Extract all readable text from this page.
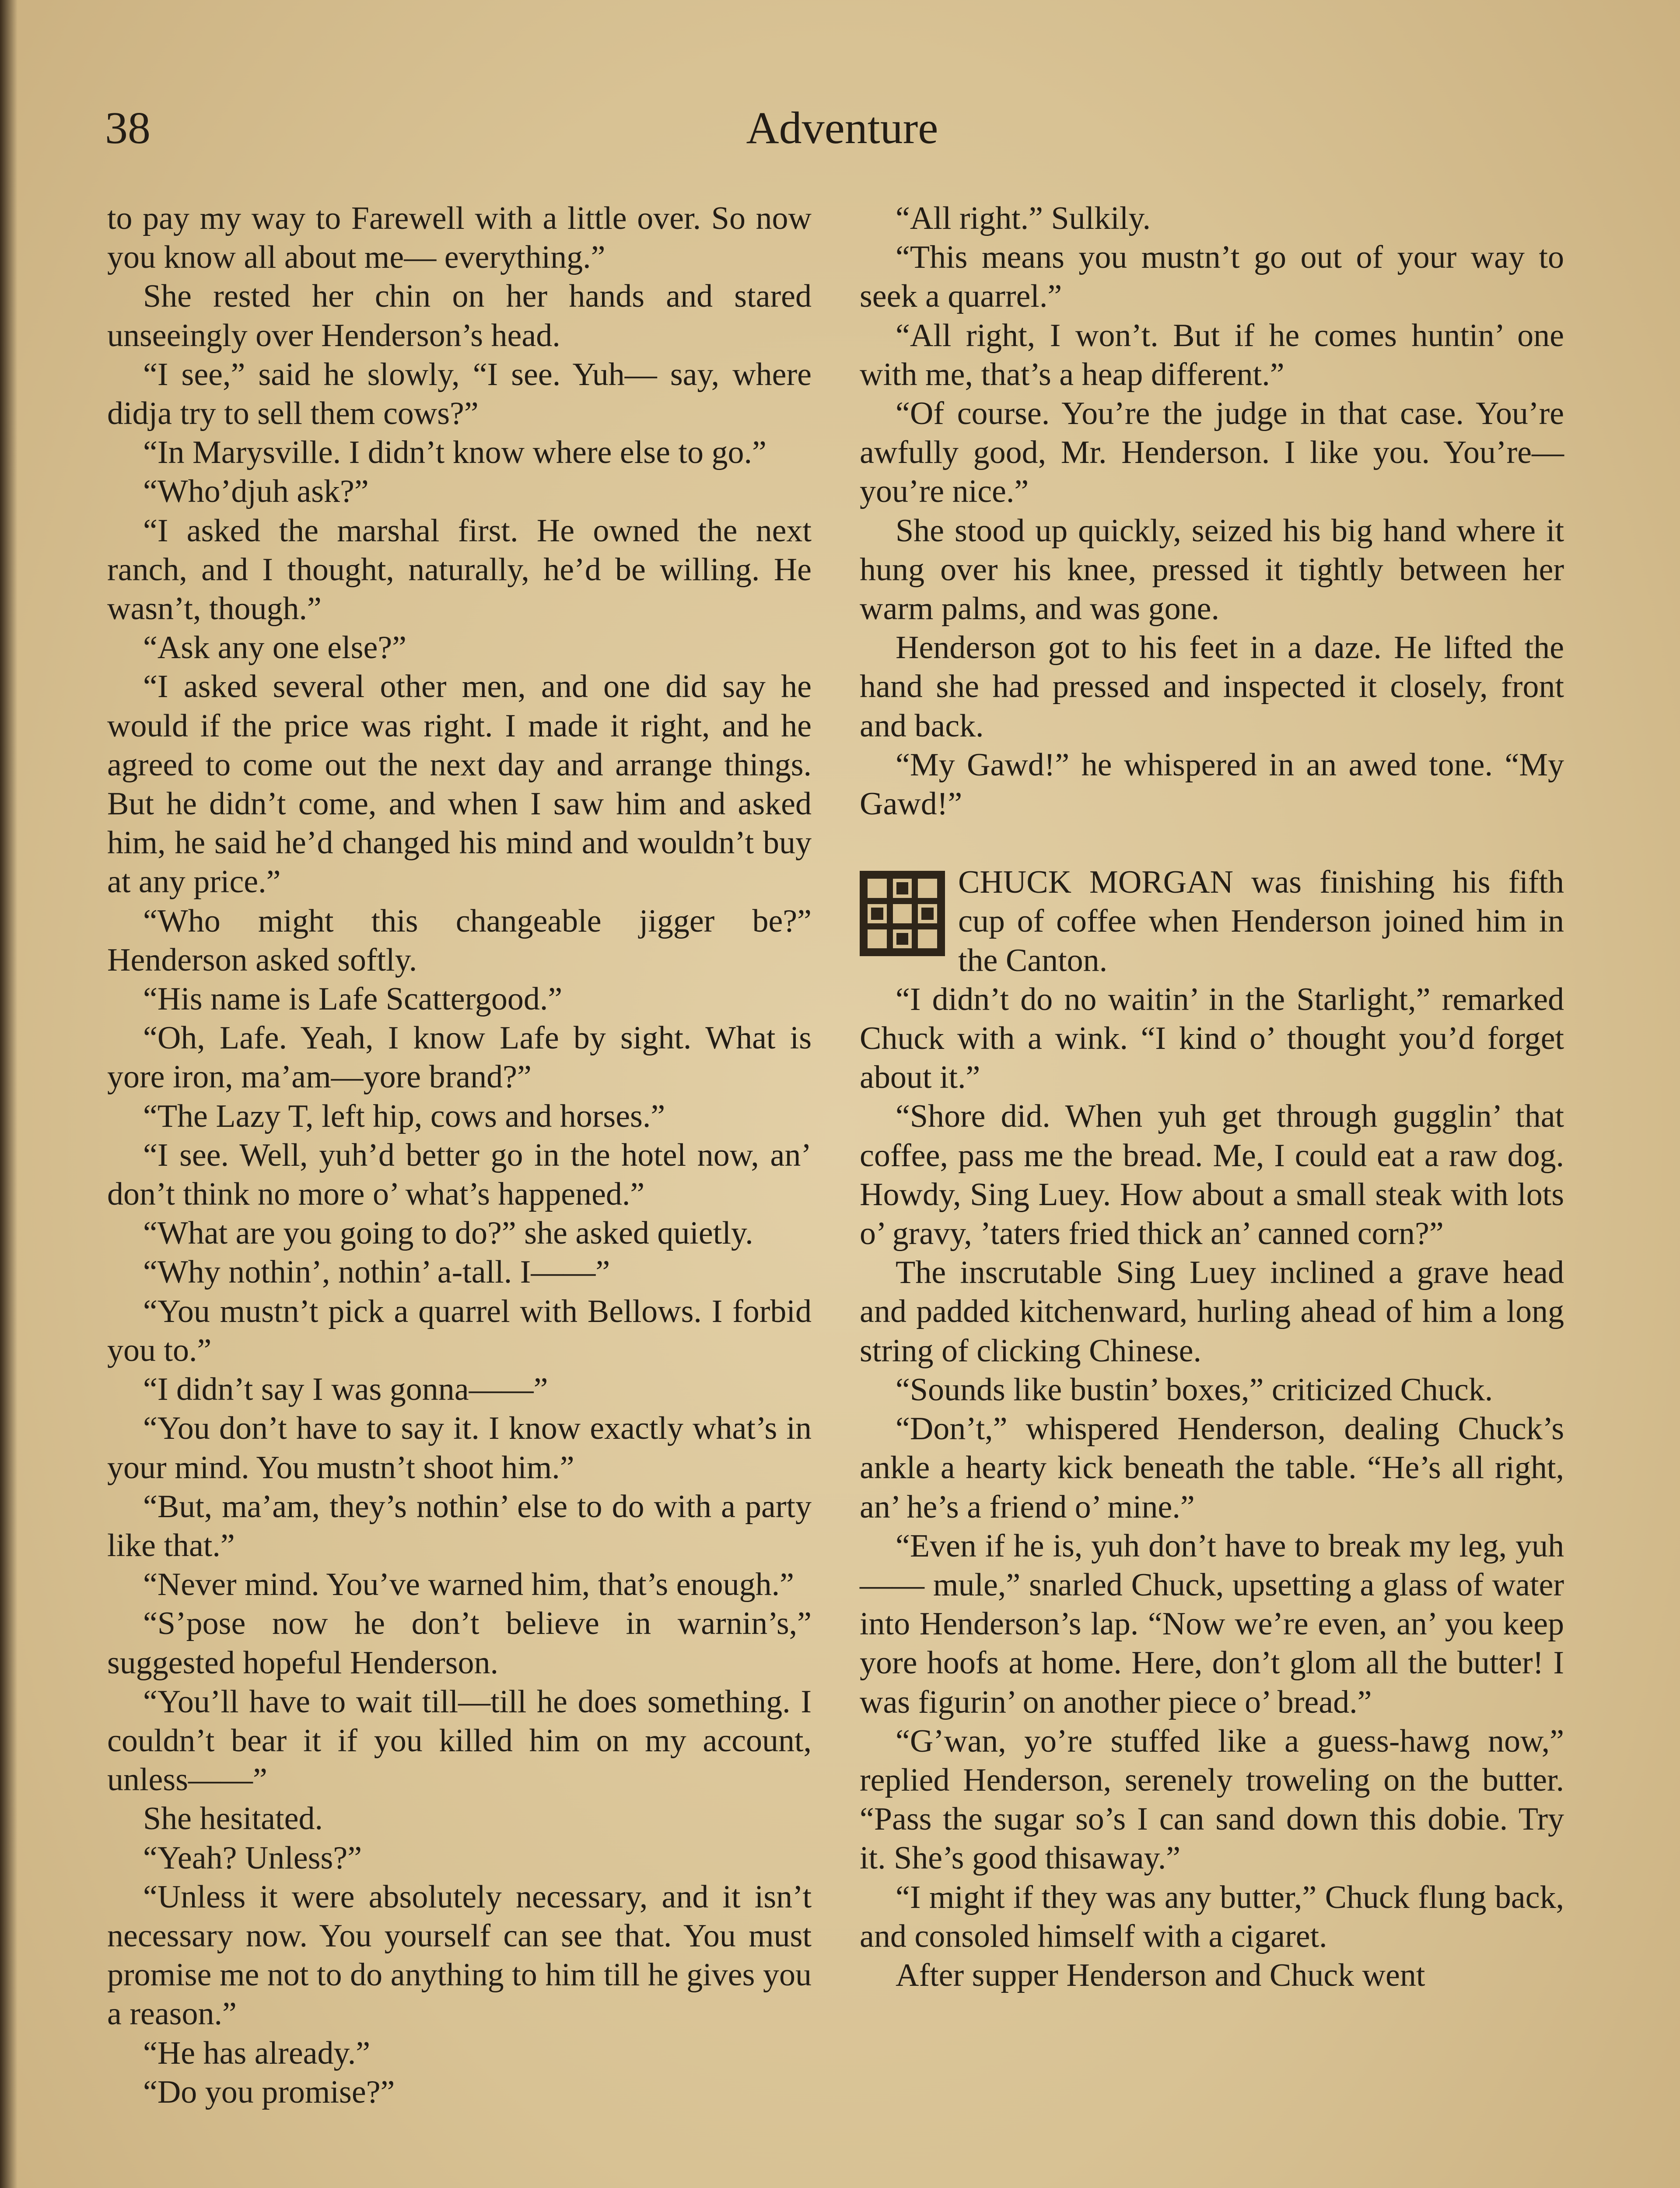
38	Adventure

to pay my way to Farewell with a little over. So now you know all about me— everything.”

She rested her chin on her hands and stared unseeingly over Henderson’s head.

“I see,” said he slowly, “I see. Yuh— say, where didja try to sell them cows?”

“In Marysville. I didn’t know where else to go.”

“Who’djuh ask?”

“I asked the marshal first. He owned the next ranch, and I thought, naturally, he’d be willing. He wasn’t, though.”

“Ask any one else?”

“I asked several other men, and one did say he would if the price was right. I made it right, and he agreed to come out the next day and arrange things. But he didn’t come, and when I saw him and asked him, he said he’d changed his mind and wouldn’t buy at any price.”

“Who might this changeable jigger be?” Henderson asked softly.

“His name is Lafe Scattergood.”

“Oh, Lafe. Yeah, I know Lafe by sight. What is yore iron, ma’am—yore brand?”

“The Lazy T, left hip, cows and horses.”

“I see. Well, yuh’d better go in the hotel now, an’ don’t think no more o’ what’s happened.”

“What are you going to do?” she asked quietly.

“Why nothin’, nothin’ a-tall. I——”

“You mustn’t pick a quarrel with Bellows. I forbid you to.”

“I didn’t say I was gonna——”

“You don’t have to say it. I know exactly what’s in your mind. You mustn’t shoot him.”

“But, ma’am, they’s nothin’ else to do with a party like that.”

“Never mind. You’ve warned him, that’s enough.”

“S’pose now he don’t believe in warnin’s,” suggested hopeful Henderson.

“You’ll have to wait till—till he does something. I couldn’t bear it if you killed him on my account, unless——”

She hesitated.

“Yeah? Unless?”

“Unless it were absolutely necessary, and it isn’t necessary now. You yourself can see that. You must promise me not to do anything to him till he gives you a reason.”

“He has already.”

“Do you promise?”

“All right.” Sulkily.

“This means you mustn’t go out of your way to seek a quarrel.”

“All right, I won’t. But if he comes huntin’ one with me, that’s a heap different.”

“Of course. You’re the judge in that case. You’re awfully good, Mr. Henderson. I like you. You’re—you’re nice.”

She stood up quickly, seized his big hand where it hung over his knee, pressed it tightly between her warm palms, and was gone.

Henderson got to his feet in a daze. He lifted the hand she had pressed and inspected it closely, front and back.

“My Gawd!” he whispered in an awed tone. “My Gawd!”

CHUCK MORGAN was finishing his fifth cup of coffee when Henderson joined him in the Canton.

“I didn’t do no waitin’ in the Starlight,” remarked Chuck with a wink. “I kind o’ thought you’d forget about it.”

“Shore did. When yuh get through gugglin’ that coffee, pass me the bread. Me, I could eat a raw dog. Howdy, Sing Luey. How about a small steak with lots o’ gravy, ’taters fried thick an’ canned corn?”

The inscrutable Sing Luey inclined a grave head and padded kitchenward, hurling ahead of him a long string of clicking Chinese.

“Sounds like bustin’ boxes,” criticized Chuck.

“Don’t,” whispered Henderson, dealing Chuck’s ankle a hearty kick beneath the table. “He’s all right, an’ he’s a friend o’ mine.”

“Even if he is, yuh don’t have to break my leg, yuh —— mule,” snarled Chuck, upsetting a glass of water into Henderson’s lap. “Now we’re even, an’ you keep yore hoofs at home. Here, don’t glom all the butter! I was figurin’ on another piece o’ bread.”

“G’wan, yo’re stuffed like a guess-hawg now,” replied Henderson, serenely troweling on the butter. “Pass the sugar so’s I can sand down this dobie. Try it. She’s good thisaway.”

“I might if they was any butter,” Chuck flung back, and consoled himself with a cigaret.

After supper Henderson and Chuck went
